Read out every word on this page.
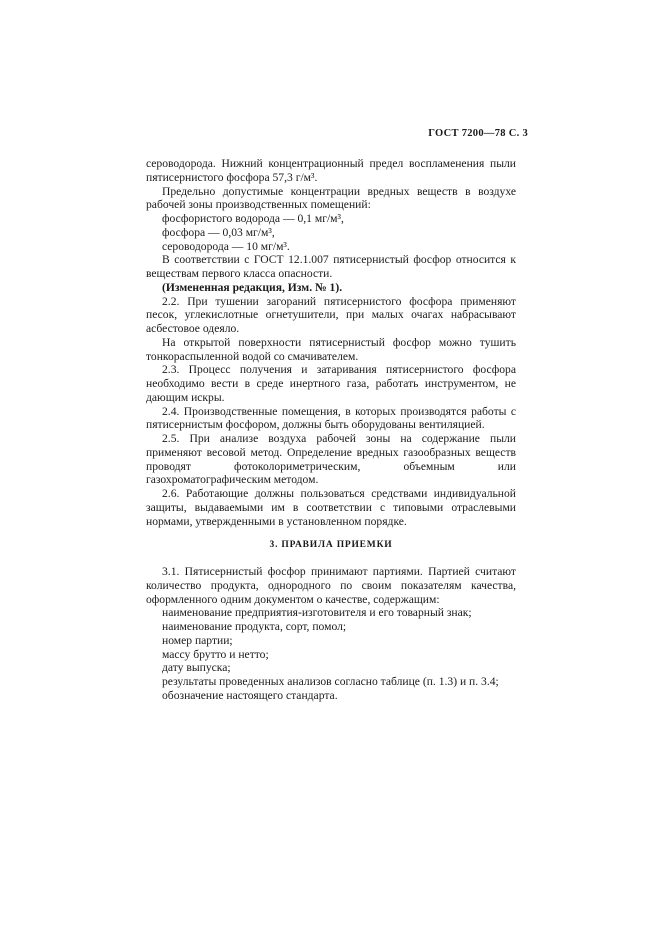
ГОСТ 7200—78 С. 3

сероводорода. Нижний концентрационный предел воспламенения пыли пятисернистого фосфора 57,3 г/м³.

Предельно допустимые концентрации вредных веществ в воздухе рабочей зоны производственных помещений:

фосфористого водорода — 0,1 мг/м³,

фосфора — 0,03 мг/м³,

сероводорода — 10 мг/м³.

В соответствии с ГОСТ 12.1.007 пятисернистый фосфор относится к веществам первого класса опасности.

(Измененная редакция, Изм. № 1).

2.2. При тушении загораний пятисернистого фосфора применяют песок, углекислотные огнетушители, при малых очагах набрасывают асбестовое одеяло.

На открытой поверхности пятисернистый фосфор можно тушить тонкораспыленной водой со смачивателем.

2.3. Процесс получения и затаривания пятисернистого фосфора необходимо вести в среде инертного газа, работать инструментом, не дающим искры.

2.4. Производственные помещения, в которых производятся работы с пятисернистым фосфором, должны быть оборудованы вентиляцией.

2.5. При анализе воздуха рабочей зоны на содержание пыли применяют весовой метод. Определение вредных газообразных веществ проводят фотоколориметрическим, объемным или газохроматографическим методом.

2.6. Работающие должны пользоваться средствами индивидуальной защиты, выдаваемыми им в соответствии с типовыми отраслевыми нормами, утвержденными в установленном порядке.

3. ПРАВИЛА ПРИЕМКИ

3.1. Пятисернистый фосфор принимают партиями. Партией считают количество продукта, однородного по своим показателям качества, оформленного одним документом о качестве, содержащим:

наименование предприятия-изготовителя и его товарный знак;

наименование продукта, сорт, помол;

номер партии;

массу брутто и нетто;

дату выпуска;

результаты проведенных анализов согласно таблице (п. 1.3) и п. 3.4;

обозначение настоящего стандарта.
